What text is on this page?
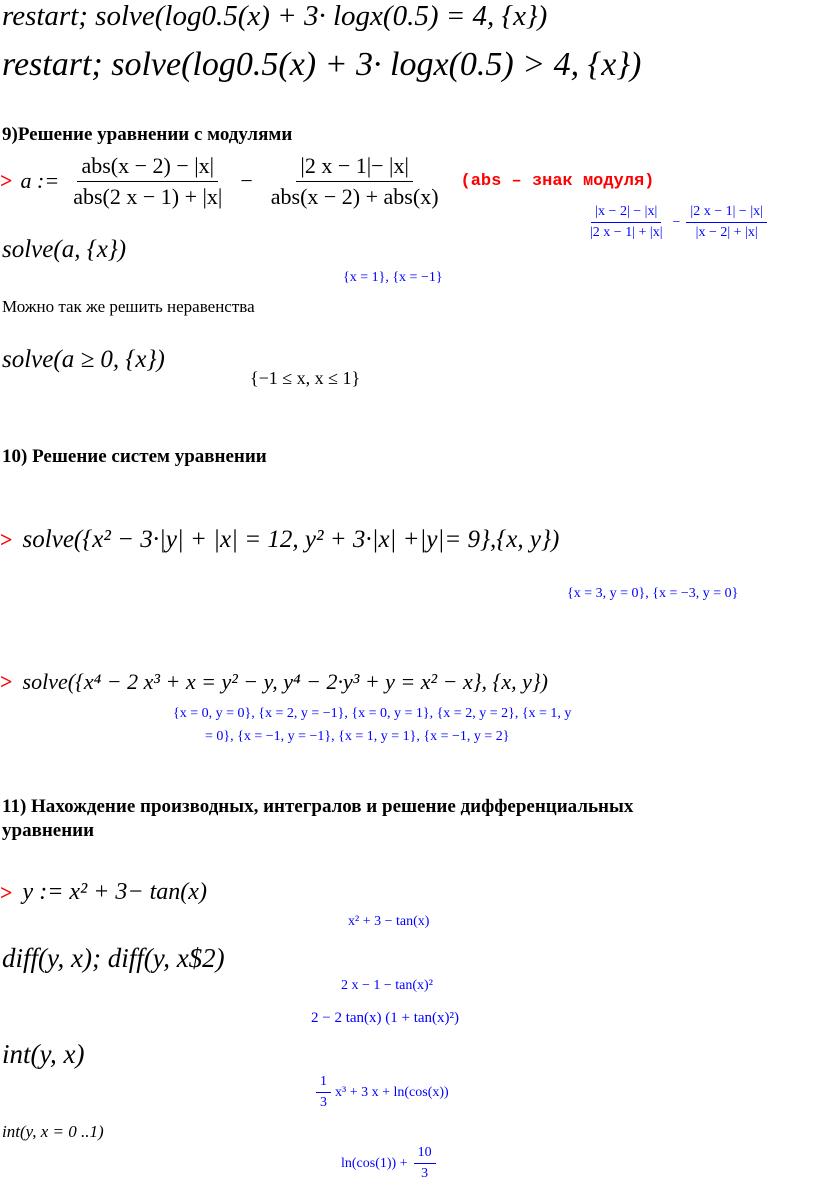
restart; solve(log0.5(x) + 3· logx(0.5) = 4, {x})
restart; solve(log0.5(x) + 3· logx(0.5) > 4, {x})
9)Решение уравнении с модулями
> a := $\frac{\text{abs(x − 2) − |x|}}{\text{abs(2 x − 1) + |x|}} - \frac{|2 x - 1|- |x|}{\text{abs(x − 2) + abs(x)}} (abs$ – знак модуля)
$\frac{|x - 2| - |x|}{|2 x - 1| + |x|} - \frac{|2 x - 1| - |x|}{|x - 2| + |x|}$
solve(a, {x})
{x = 1}, {x = −1}
Можно так же решить неравенства
solve(a ≥ 0, {x})
{−1 ≤ x, x ≤ 1}
10) Решение систем уравнении
> solve({x² − 3·|y| + |x| = 12, y² + 3·|x| +|y|= 9},{x, y})
{x = 3, y = 0}, {x = −3, y = 0}
> solve({x⁴ − 2 x³ + x = y² − y, y⁴ − 2·y³ + y = x² − x}, {x, y})
{x = 0, y = 0}, {x = 2, y = −1}, {x = 0, y = 1}, {x = 2, y = 2}, {x = 1, y
= 0}, {x = −1, y = −1}, {x = 1, y = 1}, {x = −1, y = 2}
11) Нахождение производных, интегралов и решение дифференциальных
уравнении
> y := x² + 3− tan(x)
x² + 3 − tan(x)
diff(y, x); diff(y, x$2)
2 x − 1 − tan(x)²
2 − 2 tan(x) (1 + tan(x)²)
int(y, x)
$\frac{1}{3} x^3 + 3$ x + ln(cos(x))
int(y, x = 0 ..1)
$\ln(\cos(1)) + \frac{10}{3}$
